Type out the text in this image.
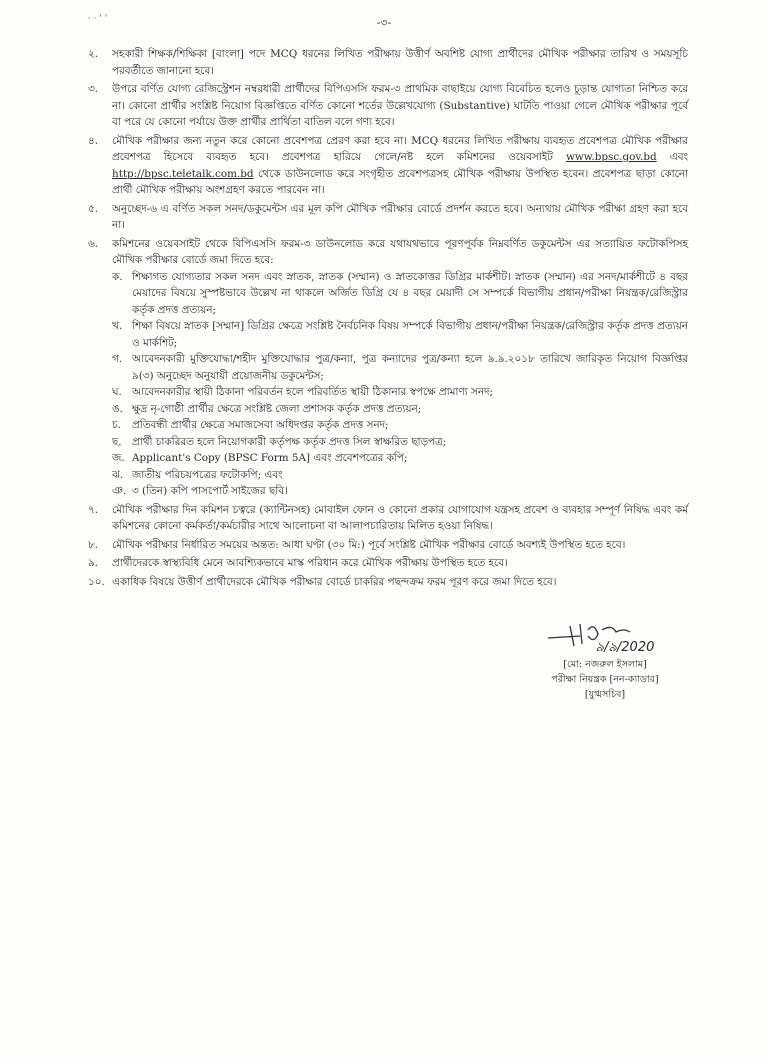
· · ' '	-৩-
২.	সহকারী শিক্ষক/শিক্ষিকা [বাংলা] পদে MCQ ধরনের লিখিত পরীক্ষায় উত্তীর্ণ অবশিষ্ট যোগ্য প্রার্থীদের মৌখিক পরীক্ষার তারিখ ও সময়সূচি পরবর্তীতে জানানো হবে।
৩.	উপরে বর্ণিত যোগ্য রেজিস্ট্রেশন নম্বরধারী প্রার্থীদের বিপিএসসি ফরম-৩ প্রাথমিক বাছাইয়ে যোগ্য বিবেচিত হলেও চূড়ান্ত যোগ্যতা নিশ্চিত করে না। কোনো প্রার্থীর সংশ্লিষ্ট নিয়োগ বিজ্ঞপ্তিতে বর্ণিত কোনো শর্তের উল্লেখযোগ্য (Substantive) ঘাটতি পাওয়া গেলে মৌখিক পরীক্ষার পূর্বে বা পরে যে কোনো পর্যায়ে উক্ত প্রার্থীর প্রার্থিতা বাতিল বলে গণ্য হবে।
৪.	মৌখিক পরীক্ষার জন্য নতুন করে কোনো প্রবেশপত্র প্রেরণ করা হবে না। MCQ ধরনের লিখিত পরীক্ষায় ব্যবহৃত প্রবেশপত্র মৌখিক পরীক্ষার প্রবেশপত্র হিসেবে ব্যবহৃত হবে। প্রবেশপত্র হারিয়ে গেলে/নষ্ট হলে কমিশনের ওয়েবসাইট www.bpsc.gov.bd এবং http://bpsc.teletalk.com.bd থেকে ডাউনলোড করে সংগৃহীত প্রবেশপত্রসহ মৌখিক পরীক্ষায় উপস্থিত হবেন। প্রবেশপত্র ছাড়া কোনো প্রার্থী মৌখিক পরীক্ষায় অংশগ্রহণ করতে পারবেন না।
৫.	অনুচ্ছেদ-৬ এ বর্ণিত সকল সনদ/ডকুমেন্টস এর মূল কপি মৌখিক পরীক্ষার বোর্ডে প্রদর্শন করতে হবে। অন্যথায় মৌখিক পরীক্ষা গ্রহণ করা হবে না।
৬.	কমিশনের ওয়েবসাইট থেকে বিপিএসসি ফরম-৩ ডাউনলোড করে যথাযথভাবে পূরণপূর্বক নিম্নবর্ণিত ডকুমেন্টস এর সত্যায়িত ফটোকপিসহ মৌখিক পরীক্ষার বোর্ডে জমা দিতে হবে:
ক. শিক্ষাগত যোগ্যতার সকল সনদ এবং স্নাতক, স্নাতক (সম্মান) ও স্নাতকোত্তর ডিগ্রির মার্কশীট। স্নাতক (সম্মান) এর সনদ/মার্কশীটে ৪ বছর মেয়াদের বিষয়ে সুস্পষ্টভাবে উল্লেখ না থাকলে অর্জিত ডিগ্রি যে ৪ বছর মেয়াদী সে সম্পর্কে বিভাগীয় প্রধান/পরীক্ষা নিয়ন্ত্রক/রেজিস্ট্রার কর্তৃক প্রদত্ত প্রত্যয়ন;
খ. শিক্ষা বিষয়ে স্নাতক [সম্মান] ডিগ্রির ক্ষেত্রে সংশ্লিষ্ট নৈর্বচনিক বিষয় সম্পর্কে বিভাগীয় প্রধান/পরীক্ষা নিয়ন্ত্রক/রেজিস্ট্রার কর্তৃক প্রদত্ত প্রত্যয়ন ও মার্কশিট;
গ. আবেদনকারী মুক্তিযোদ্ধা/শহীদ মুক্তিযোদ্ধার পুত্র/কন্যা, পুত্র কন্যাদের পুত্র/কন্যা হলে ৯.৯.২০১৮ তারিখে জারিকৃত নিয়োগ বিজ্ঞপ্তির ৯(৩) অনুচ্ছেদ অনুযায়ী প্রয়োজনীয় ডকুমেন্টস;
ঘ. আবেদনকারীর স্থায়ী ঠিকানা পরিবর্তন হলে পরিবর্তিত স্থায়ী ঠিকানার স্বপক্ষে প্রামাণ্য সনদ;
ঙ. ক্ষুদ্র নৃ-গোষ্ঠী প্রার্থীর ক্ষেত্রে সংশ্লিষ্ট জেলা প্রশাসক কর্তৃক প্রদত্ত প্রত্যয়ন;
চ.	প্রতিবন্ধী প্রার্থীর ক্ষেত্রে সমাজসেবা অধিদপ্তর কর্তৃক প্রদত্ত সনদ;
ছ. প্রার্থী চাকরিরত হলে নিয়োগকারী কর্তৃপক্ষ কর্তৃক প্রদত্ত সিল স্বাক্ষরিত ছাড়পত্র;
জ. Applicant's Copy (BPSC Form 5A] এবং প্রবেশপত্রের কপি;
ঝ. জাতীয় পরিচয়পত্রের ফটোকপি; এবং
ঞ. ৩ (তিন) কপি পাসপোর্ট সাইজের ছবি।
৭.	মৌখিক পরীক্ষার দিন কমিশন চত্বরে (ক্যান্টিনসহ) মোবাইল ফোন ও কোনো প্রকার যোগাযোগ যন্ত্রসহ প্রবেশ ও ব্যবহার সম্পূর্ণ নিষিদ্ধ এবং কর্ম কমিশনের কোনো কর্মকর্তা/কর্মচারীর সাথে আলোচনা বা আলাপচারিতায় মিলিত হওয়া নিষিদ্ধ।
৮.	মৌখিক পরীক্ষার নির্ধারিত সময়ের অন্তত: আধা ঘণ্টা (৩০ মি:) পূর্বে সংশ্লিষ্ট মৌখিক পরীক্ষার বোর্ডে অবশ্যই উপস্থিত হতে হবে।
৯.	প্রার্থীদেরকে স্বাস্থ্যবিধি মেনে আবশ্যিকভাবে মাস্ক পরিধান করে মৌখিক পরীক্ষায় উপস্থিত হতে হবে।
১০. একাধিক বিষয়ে উত্তীর্ণ প্রার্থীদেরকে মৌখিক পরীক্ষার বোর্ডে চাকরির পছন্দক্রম ফরম পূরণ করে জমা দিতে হবে।
৯/৯/2020
[মো: নজরুল ইসলাম]
পরীক্ষা নিয়ন্ত্রক [নন-ক্যাডার]
[যুগ্মসচিব]
